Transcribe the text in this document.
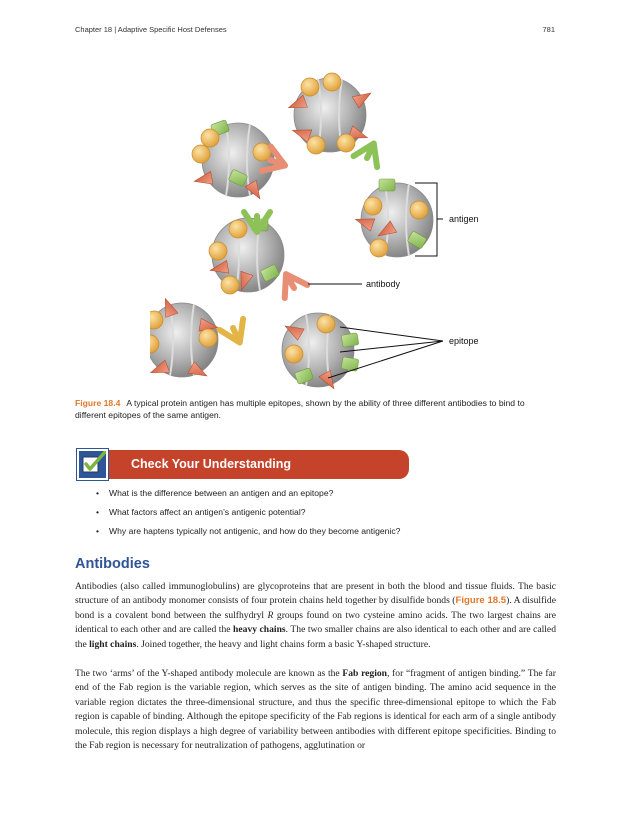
Chapter 18 | Adaptive Specific Host Defenses	781
antigen
antibody
epitope
Figure 18.4 A typical protein antigen has multiple epitopes, shown by the ability of three different antibodies to bind to different epitopes of the same antigen.
Check Your Understanding
• What is the difference between an antigen and an epitope?
• What factors affect an antigen’s antigenic potential?
• Why are haptens typically not antigenic, and how do they become antigenic?
Antibodies

Antibodies (also called immunoglobulins) are glycoproteins that are present in both the blood and tissue fluids. The basic structure of an antibody monomer consists of four protein chains held together by disulfide bonds (Figure 18.5). A disulfide bond is a covalent bond between the sulfhydryl R groups found on two cysteine amino acids. The two largest chains are identical to each other and are called the heavy chains. The two smaller chains are also identical to each other and are called the light chains. Joined together, the heavy and light chains form a basic Y-shaped structure.

The two ‘arms’ of the Y-shaped antibody molecule are known as the Fab region, for “fragment of antigen binding.” The far end of the Fab region is the variable region, which serves as the site of antigen binding. The amino acid sequence in the variable region dictates the three-dimensional structure, and thus the specific three-dimensional epitope to which the Fab region is capable of binding. Although the epitope specificity of the Fab regions is identical for each arm of a single antibody molecule, this region displays a high degree of variability between antibodies with different epitope specificities. Binding to the Fab region is necessary for neutralization of pathogens, agglutination or
